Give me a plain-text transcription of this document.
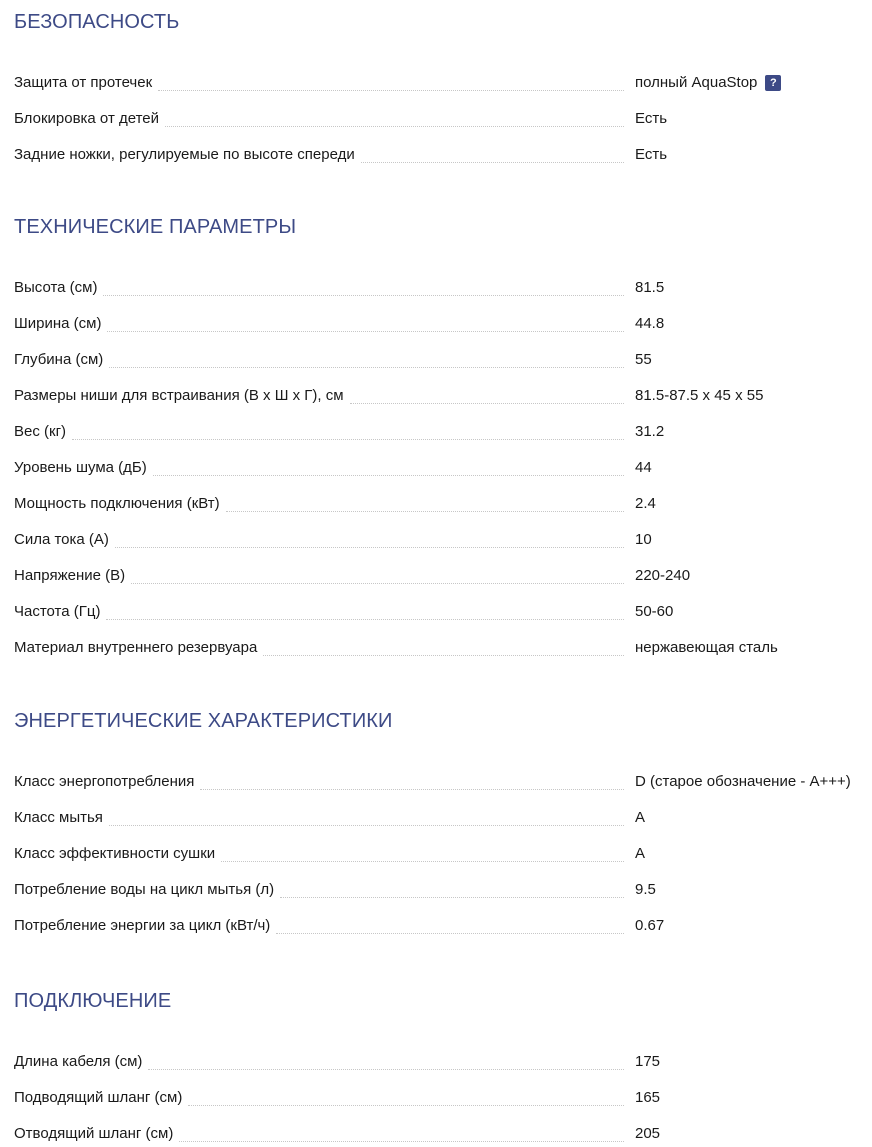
БЕЗОПАСНОСТЬ
Защита от протечек	полный AquaStop	?
Блокировка от детей	Есть
Задние ножки, регулируемые по высоте спереди	Есть
ТЕХНИЧЕСКИЕ ПАРАМЕТРЫ
Высота (см)	81.5
Ширина (см)	44.8
Глубина (см)	55
Размеры ниши для встраивания (В x Ш x Г), см	81.5-87.5 x 45 x 55
Вес (кг)	31.2
Уровень шума (дБ)	44
Мощность подключения (кВт)	2.4
Сила тока (А)	10
Напряжение (В)	220-240
Частота (Гц)	50-60
Материал внутреннего резервуара	нержавеющая сталь
ЭНЕРГЕТИЧЕСКИЕ ХАРАКТЕРИСТИКИ
Класс энергопотребления	D (старое обозначение - A+++)
Класс мытья	A
Класс эффективности сушки	A
Потребление воды на цикл мытья (л)	9.5
Потребление энергии за цикл (кВт/ч)	0.67
ПОДКЛЮЧЕНИЕ
Длина кабеля (см)	175
Подводящий шланг (см)	165
Отводящий шланг (см)	205
